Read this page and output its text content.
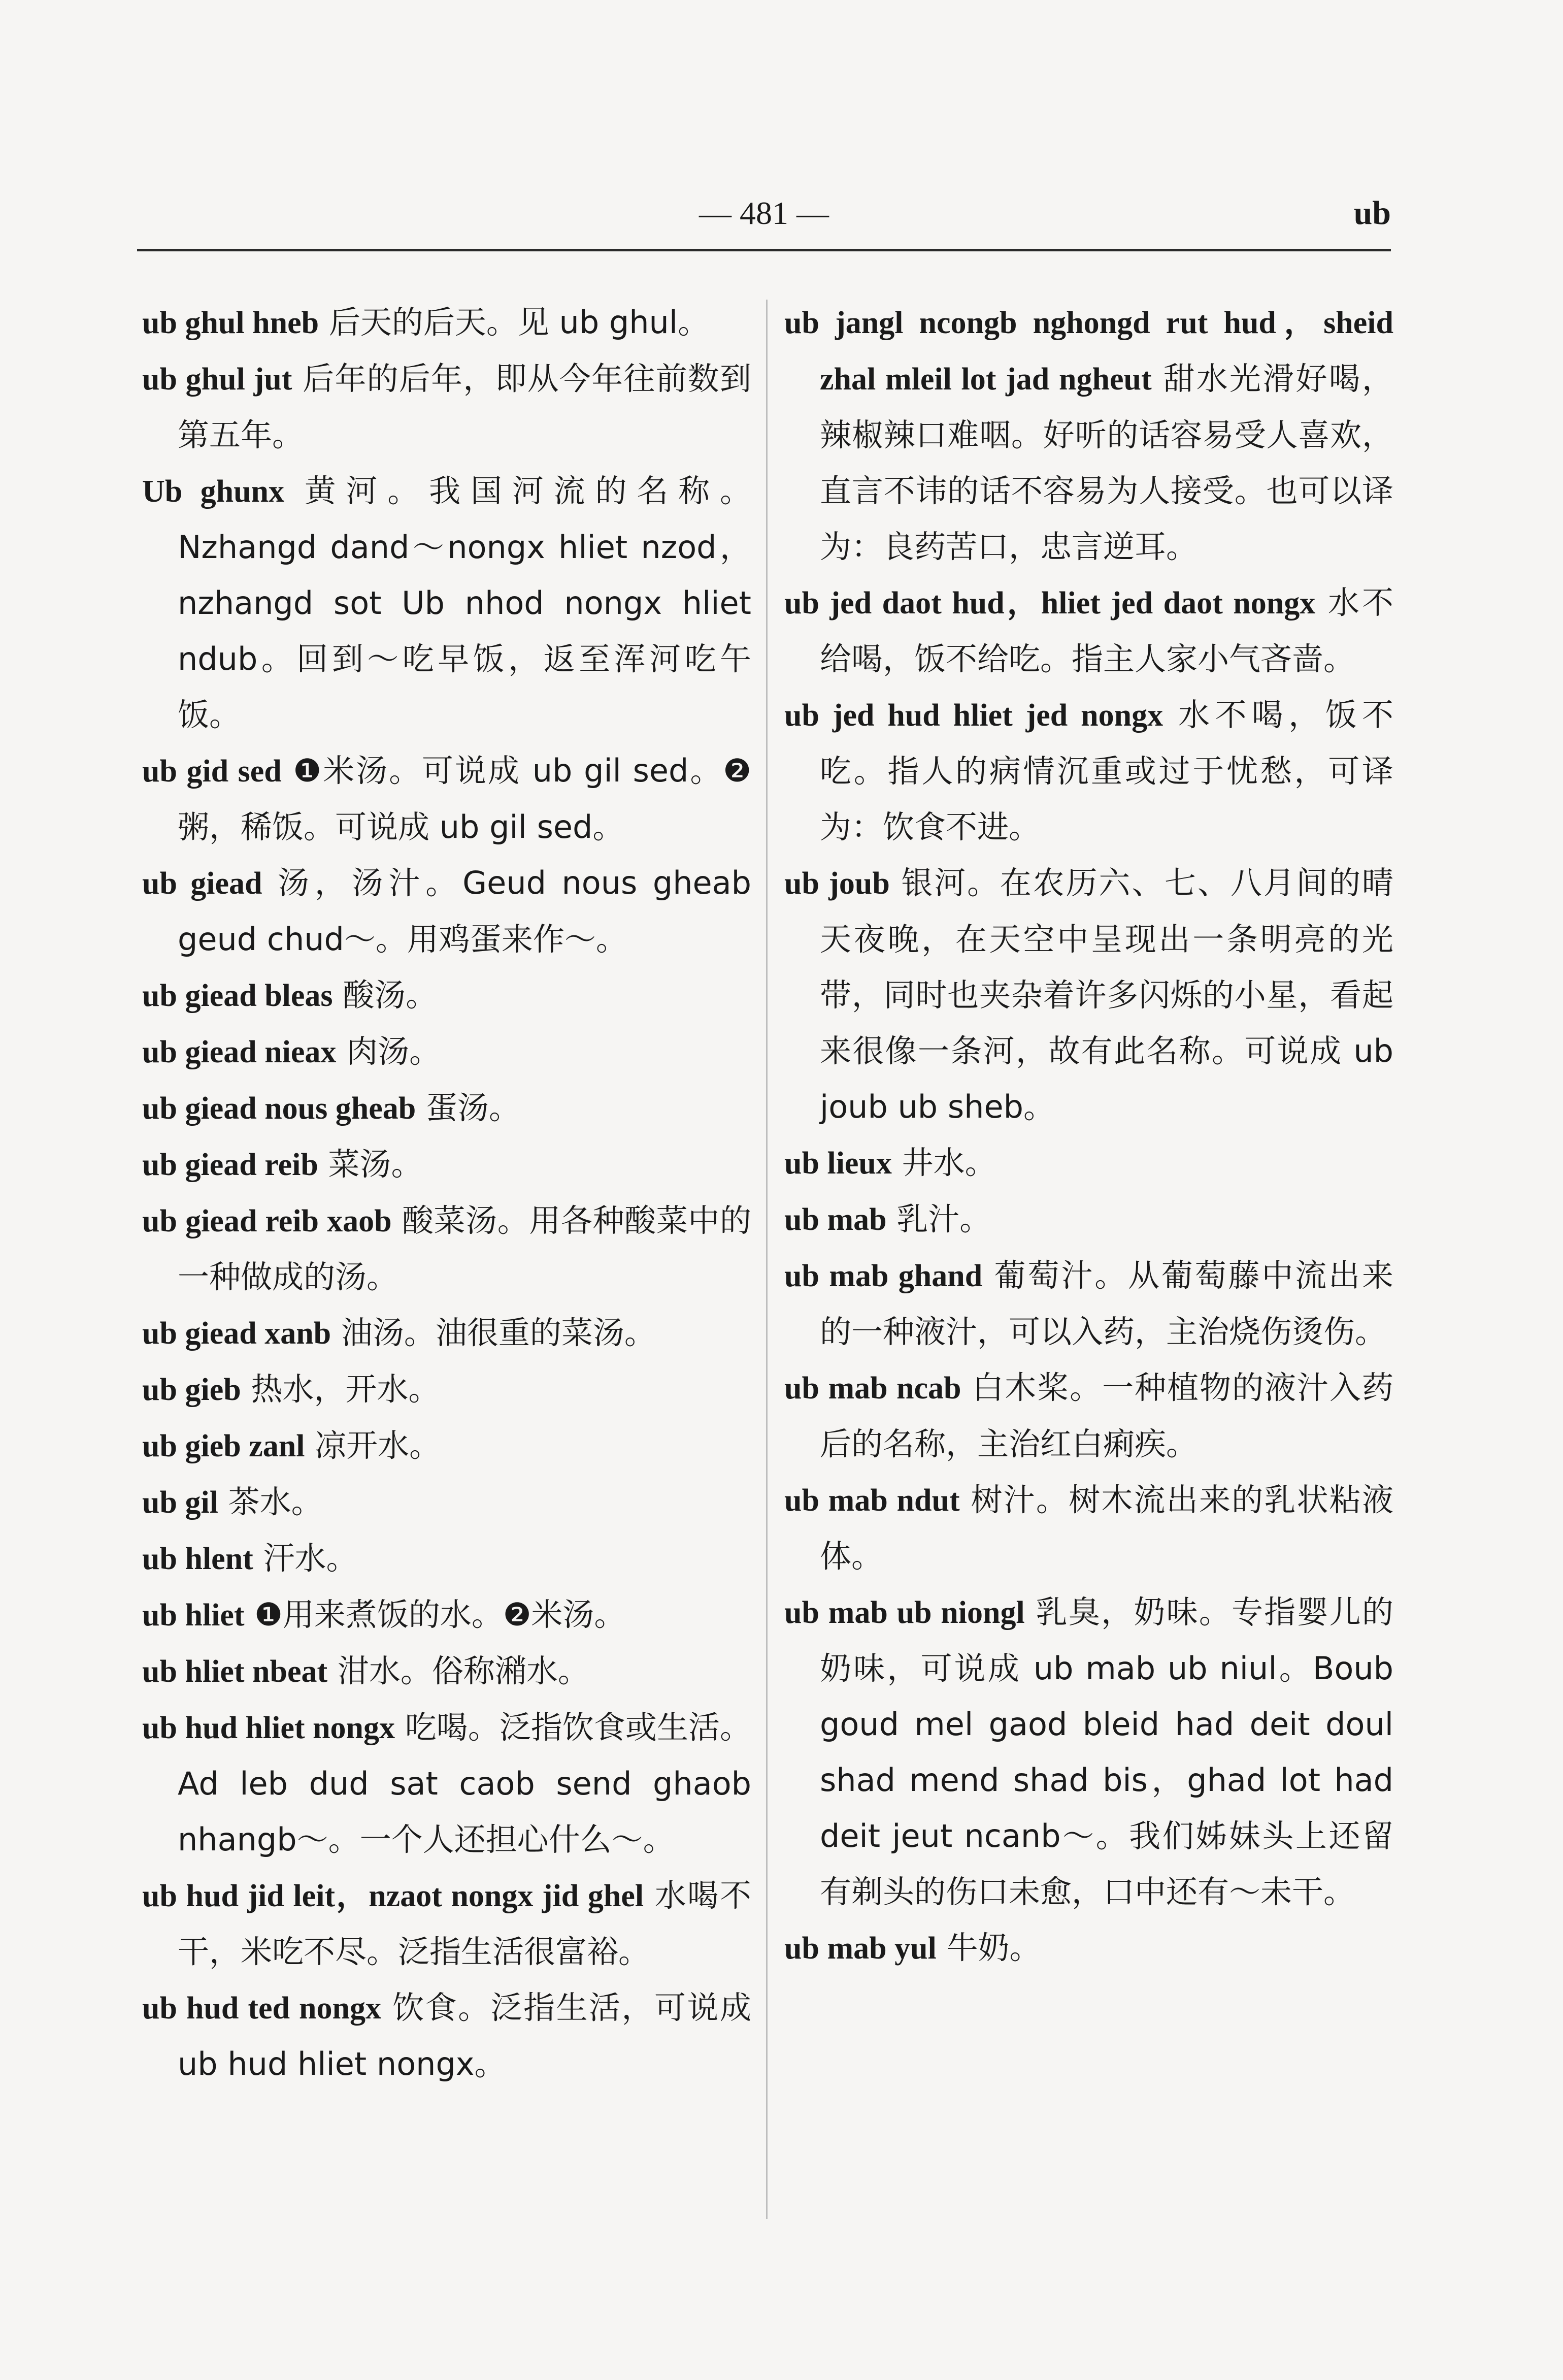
— 481 —	ub

ub ghul hneb 后天的后天。见 ub ghul。

ub ghul jut 后年的后年，即从今年往前数到第五年。

Ub ghunx 黄河。我国河流的名称。Nzhangd dand～nongx hliet nzod，nzhangd sot Ub nhod nongx hliet ndub。回到～吃早饭，返至浑河吃午饭。

ub gid sed ❶米汤。可说成 ub gil sed。❷粥，稀饭。可说成 ub gil sed。

ub giead 汤，汤汁。Geud nous gheab geud chud～。用鸡蛋来作～。

ub giead bleas 酸汤。

ub giead nieax 肉汤。

ub giead nous gheab 蛋汤。

ub giead reib 菜汤。

ub giead reib xaob 酸菜汤。用各种酸菜中的一种做成的汤。

ub giead xanb 油汤。油很重的菜汤。

ub gieb 热水，开水。

ub gieb zanl 凉开水。

ub gil 茶水。

ub hlent 汗水。

ub hliet ❶用来煮饭的水。❷米汤。

ub hliet nbeat 泔水。俗称潲水。

ub hud hliet nongx 吃喝。泛指饮食或生活。Ad leb dud sat caob send ghaob nhangb～。一个人还担心什么～。

ub hud jid leit，nzaot nongx jid ghel 水喝不干，米吃不尽。泛指生活很富裕。

ub hud ted nongx 饮食。泛指生活，可说成 ub hud hliet nongx。

ub jangl ncongb nghongd rut hud，sheid zhal mleil lot jad ngheut 甜水光滑好喝，辣椒辣口难咽。好听的话容易受人喜欢，直言不讳的话不容易为人接受。也可以译为：良药苦口，忠言逆耳。

ub jed daot hud，hliet jed daot nongx 水不给喝，饭不给吃。指主人家小气吝啬。

ub jed hud hliet jed nongx 水不喝，饭不吃。指人的病情沉重或过于忧愁，可译为：饮食不进。

ub joub 银河。在农历六、七、八月间的晴天夜晚，在天空中呈现出一条明亮的光带，同时也夹杂着许多闪烁的小星，看起来很像一条河，故有此名称。可说成 ub joub ub sheb。

ub lieux 井水。

ub mab 乳汁。

ub mab ghand 葡萄汁。从葡萄藤中流出来的一种液汁，可以入药，主治烧伤烫伤。

ub mab ncab 白木桨。一种植物的液汁入药后的名称，主治红白痢疾。

ub mab ndut 树汁。树木流出来的乳状粘液体。

ub mab ub niongl 乳臭，奶味。专指婴儿的奶味，可说成 ub mab ub niul。Boub goud mel gaod bleid had deit doul shad mend shad bis，ghad lot had deit jeut ncanb～。我们姊妹头上还留有剃头的伤口未愈，口中还有～未干。

ub mab yul 牛奶。
